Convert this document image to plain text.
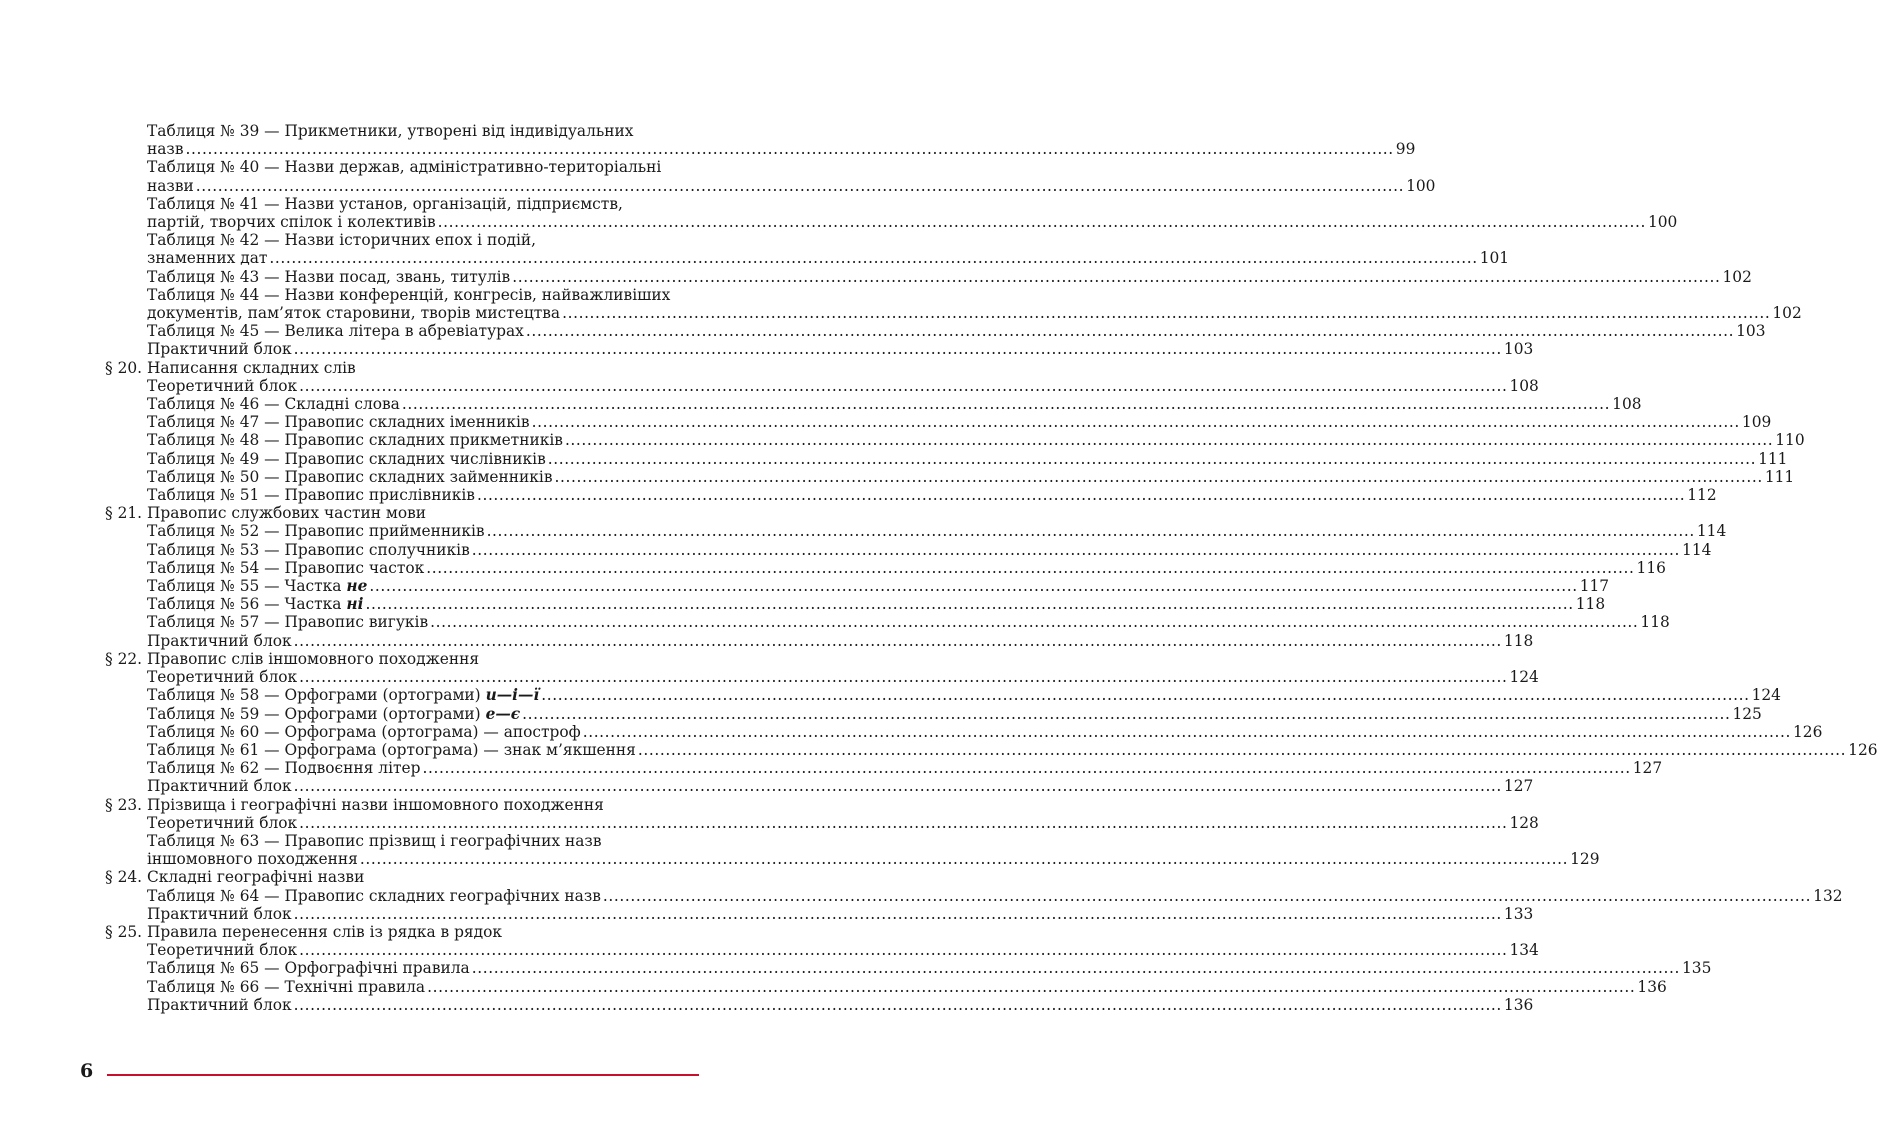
Таблиця № 39 — Прикметники, утворені від індивідуальних
назв ............................................................................................................................................................................................................................ 99
Таблиця № 40 — Назви держав, адміністративно-територіальні
назви ............................................................................................................................................................................................................................ 100
Таблиця № 41 — Назви установ, організацій, підприємств,
партій, творчих спілок і колективів ............................................................................................................................................................................................................................ 100
Таблиця № 42 — Назви історичних епох і подій,
знаменних дат ............................................................................................................................................................................................................................ 101
Таблиця № 43 — Назви посад, звань, титулів ............................................................................................................................................................................................................................ 102
Таблиця № 44 — Назви конференцій, конгресів, найважливіших
документів, пам’яток старовини, творів мистецтва ............................................................................................................................................................................................................................ 102
Таблиця № 45 — Велика літера в абревіатурах ............................................................................................................................................................................................................................ 103
Практичний блок ............................................................................................................................................................................................................................ 103
§ 20. Написання складних слів
Теоретичний блок ............................................................................................................................................................................................................................ 108
Таблиця № 46 — Складні слова ............................................................................................................................................................................................................................ 108
Таблиця № 47 — Правопис складних іменників ............................................................................................................................................................................................................................ 109
Таблиця № 48 — Правопис складних прикметників ............................................................................................................................................................................................................................ 110
Таблиця № 49 — Правопис складних числівників ............................................................................................................................................................................................................................ 111
Таблиця № 50 — Правопис складних займенників ............................................................................................................................................................................................................................ 111
Таблиця № 51 — Правопис прислівників ............................................................................................................................................................................................................................ 112
§ 21. Правопис службових частин мови
Таблиця № 52 — Правопис прийменників ............................................................................................................................................................................................................................ 114
Таблиця № 53 — Правопис сполучників ............................................................................................................................................................................................................................ 114
Таблиця № 54 — Правопис часток ............................................................................................................................................................................................................................ 116
Таблиця № 55 — Частка не ............................................................................................................................................................................................................................ 117
Таблиця № 56 — Частка ні ............................................................................................................................................................................................................................ 118
Таблиця № 57 — Правопис вигуків ............................................................................................................................................................................................................................ 118
Практичний блок ............................................................................................................................................................................................................................ 118
§ 22. Правопис слів іншомовного походження
Теоретичний блок ............................................................................................................................................................................................................................ 124
Таблиця № 58 — Орфограми (ортограми) и—і—ї ............................................................................................................................................................................................................................ 124
Таблиця № 59 — Орфограми (ортограми) е—є ............................................................................................................................................................................................................................ 125
Таблиця № 60 — Орфограма (ортограма) — апостроф ............................................................................................................................................................................................................................ 126
Таблиця № 61 — Орфограма (ортограма) — знак м’якшення ............................................................................................................................................................................................................................ 126
Таблиця № 62 — Подвоєння літер ............................................................................................................................................................................................................................ 127
Практичний блок ............................................................................................................................................................................................................................ 127
§ 23. Прізвища і географічні назви іншомовного походження
Теоретичний блок ............................................................................................................................................................................................................................ 128
Таблиця № 63 — Правопис прізвищ і географічних назв
іншомовного походження ............................................................................................................................................................................................................................ 129
§ 24. Складні географічні назви
Таблиця № 64 — Правопис складних географічних назв ............................................................................................................................................................................................................................ 132
Практичний блок ............................................................................................................................................................................................................................ 133
§ 25. Правила перенесення слів із рядка в рядок
Теоретичний блок ............................................................................................................................................................................................................................ 134
Таблиця № 65 — Орфографічні правила ............................................................................................................................................................................................................................ 135
Таблиця № 66 — Технічні правила ............................................................................................................................................................................................................................ 136
Практичний блок ............................................................................................................................................................................................................................ 136
6
